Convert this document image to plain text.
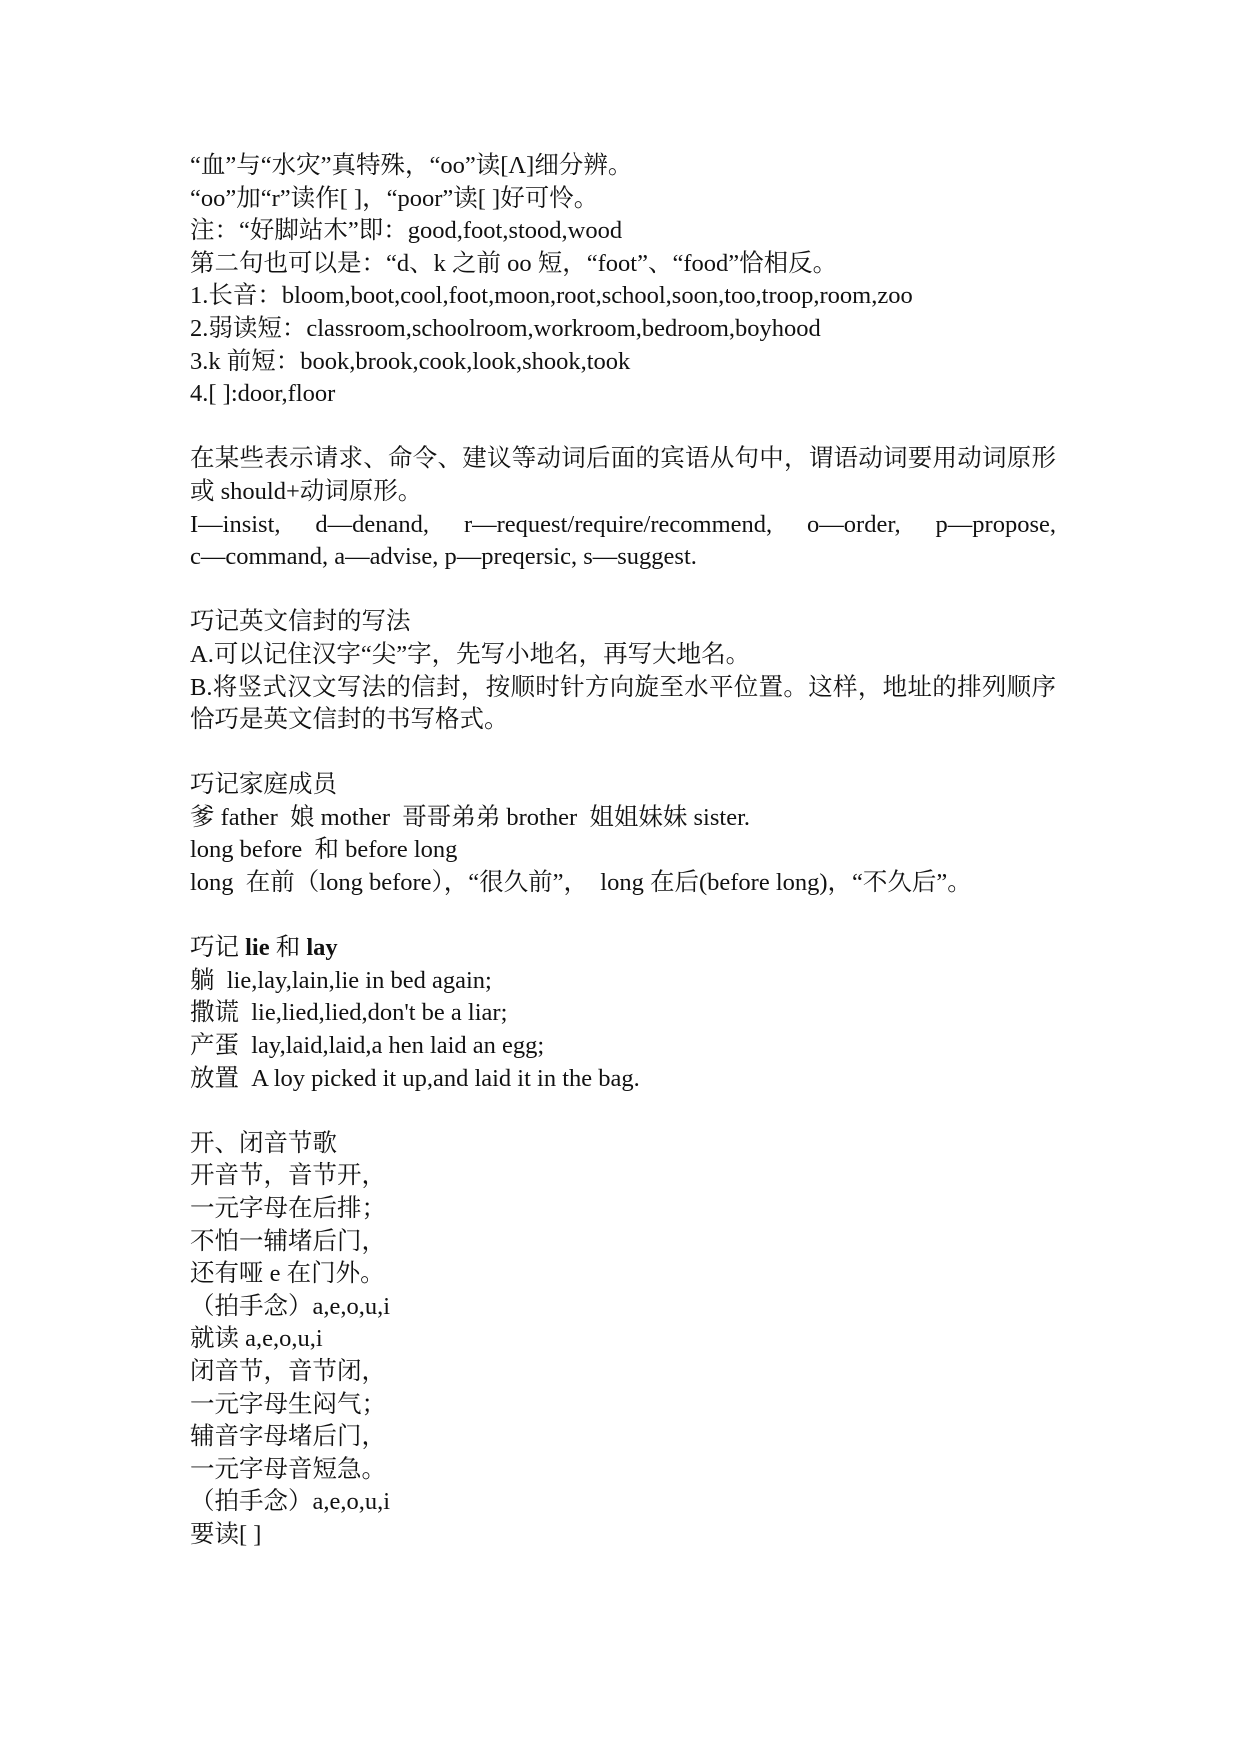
“血”与“水灾”真特殊，“oo”读[Λ]细分辨。
“oo”加“r”读作[ ]，“poor”读[ ]好可怜。
注：“好脚站木”即：good,foot,stood,wood
第二句也可以是：“d、k 之前 oo 短，“foot”、“food”恰相反。
1.长音：bloom,boot,cool,foot,moon,root,school,soon,too,troop,room,zoo
2.弱读短：classroom,schoolroom,workroom,bedroom,boyhood
3.k 前短：book,brook,cook,look,shook,took
4.[ ]:door,floor
在某些表示请求、命令、建议等动词后面的宾语从句中，谓语动词要用动词原形
或 should+动词原形。
I—insist, d—denand, r—request/require/recommend, o—order, p—propose,
c—command, a—advise, p—preqersic, s—suggest.
巧记英文信封的写法
A.可以记住汉字“尖”字，先写小地名，再写大地名。
B.将竖式汉文写法的信封，按顺时针方向旋至水平位置。这样，地址的排列顺序
恰巧是英文信封的书写格式。
巧记家庭成员
爹 father  娘 mother  哥哥弟弟 brother  姐姐妹妹 sister.
long before  和 before long
long  在前（long before），“很久前”，  long 在后(before long)，“不久后”。
巧记 lie 和 lay
躺  lie,lay,lain,lie in bed again;
撒谎  lie,lied,lied,don't be a liar;
产蛋  lay,laid,laid,a hen laid an egg;
放置  A loy picked it up,and laid it in the bag.
开、闭音节歌
开音节，音节开，
一元字母在后排；
不怕一辅堵后门，
还有哑 e 在门外。
（拍手念）a,e,o,u,i
就读 a,e,o,u,i
闭音节，音节闭，
一元字母生闷气；
辅音字母堵后门，
一元字母音短急。
（拍手念）a,e,o,u,i
要读[ ]
